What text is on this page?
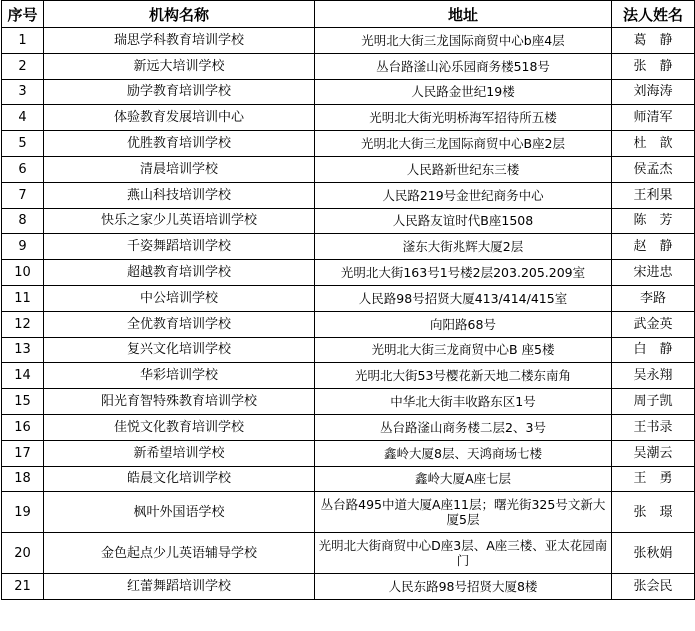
序号	机构名称	地址	法人姓名
1	瑞思学科教育培训学校	光明北大街三龙国际商贸中心b座4层	葛　静
2	新远大培训学校	丛台路滏山沁乐园商务楼518号	张　静
3	励学教育培训学校	人民路金世纪19楼	刘海涛
4	体验教育发展培训中心	光明北大街光明桥海军招待所五楼	师清军
5	优胜教育培训学校	光明北大街三龙国际商贸中心B座2层	杜　歆
6	清晨培训学校	人民路新世纪东三楼	侯孟杰
7	燕山科技培训学校	人民路219号金世纪商务中心	王利果
8	快乐之家少儿英语培训学校	人民路友谊时代B座1508	陈　芳
9	千姿舞蹈培训学校	滏东大街兆辉大厦2层	赵　静
10	超越教育培训学校	光明北大街163号1号楼2层203.205.209室	宋进忠
11	中公培训学校	人民路98号招贤大厦413/414/415室	李路
12	全优教育培训学校	向阳路68号	武金英
13	复兴文化培训学校	光明北大街三龙商贸中心B 座5楼	白　静
14	华彩培训学校	光明北大街53号樱花新天地二楼东南角	吴永翔
15	阳光育智特殊教育培训学校	中华北大街丰收路东区1号	周子凯
16	佳悦文化教育培训学校	丛台路滏山商务楼二层2、3号	王书录
17	新希望培训学校	鑫岭大厦8层、天鸿商场七楼	吴潮云
18	皓晨文化培训学校	鑫岭大厦A座七层	王　勇
19	枫叶外国语学校	丛台路495中道大厦A座11层；曙光街325号文新大厦5层	张　璟
20	金色起点少儿英语辅导学校	光明北大街商贸中心D座3层、A座三楼、亚太花园南门	张秋娟
21	红蕾舞蹈培训学校	人民东路98号招贤大厦8楼	张会民
